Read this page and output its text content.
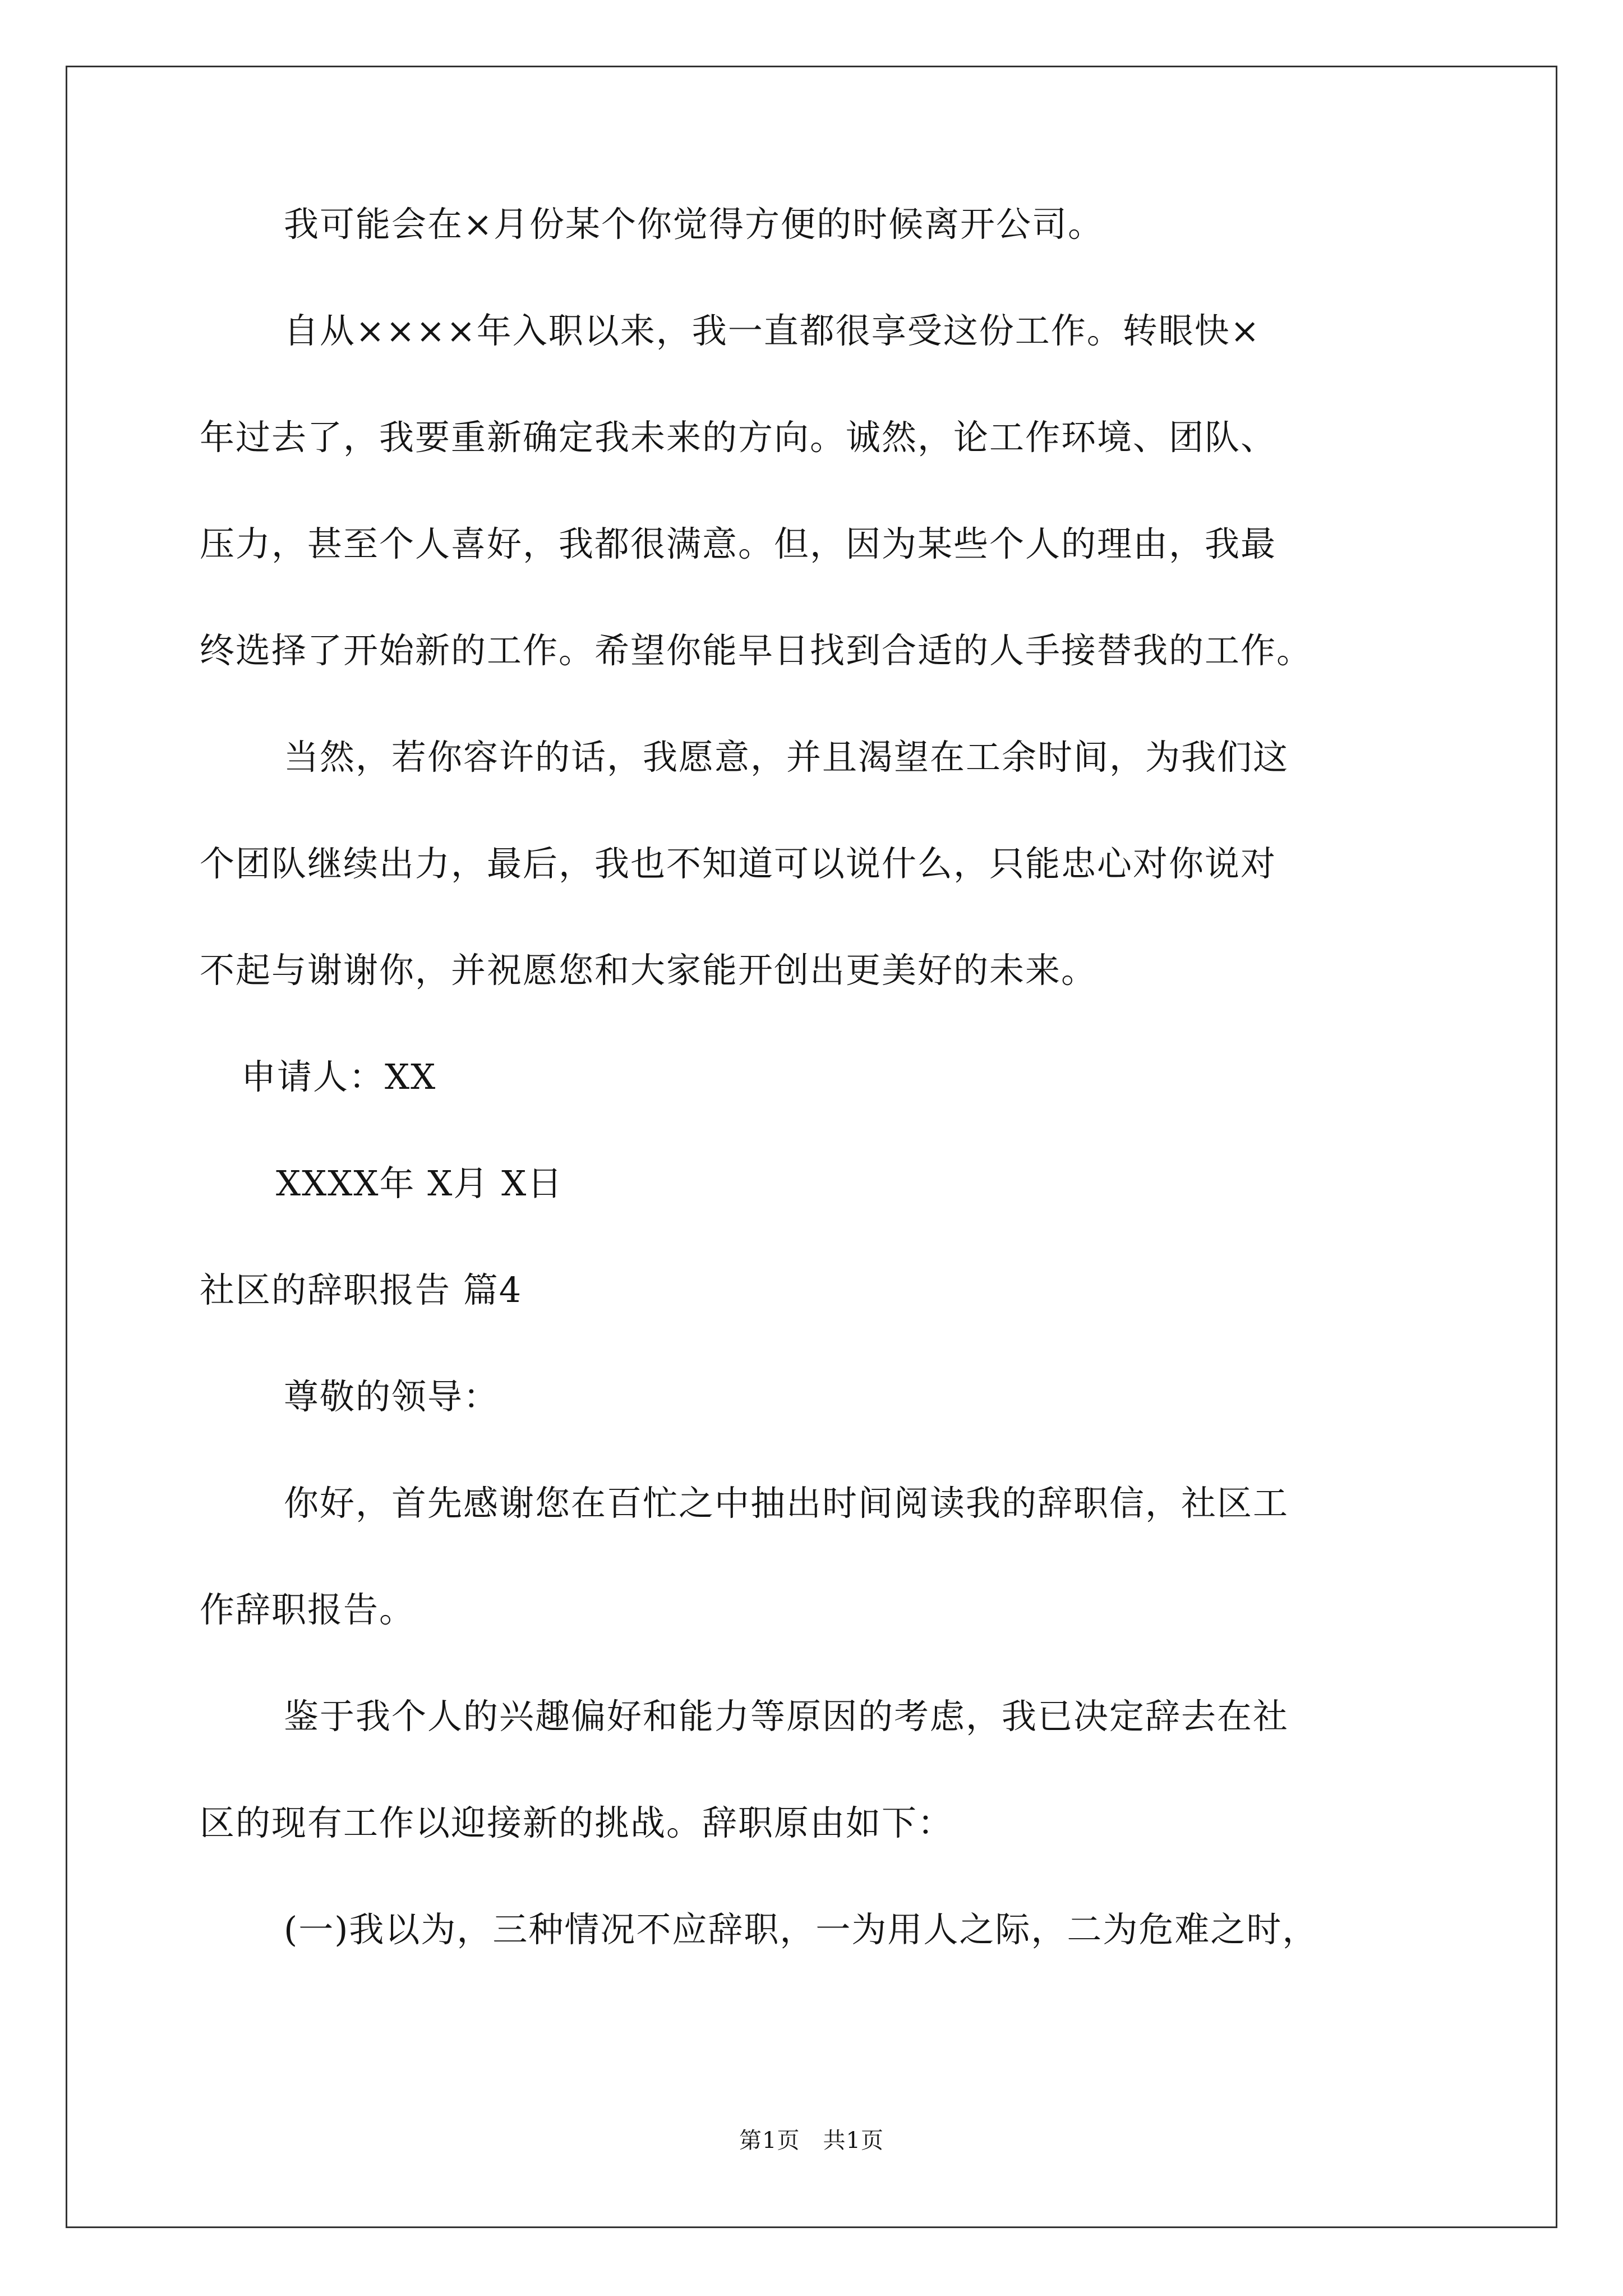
我可能会在×月份某个你觉得方便的时候离开公司。
自从××××年入职以来，我一直都很享受这份工作。转眼快×
年过去了，我要重新确定我未来的方向。诚然，论工作环境、团队、
压力，甚至个人喜好，我都很满意。但，因为某些个人的理由，我最
终选择了开始新的工作。希望你能早日找到合适的人手接替我的工作。
当然，若你容许的话，我愿意，并且渴望在工余时间，为我们这
个团队继续出力，最后，我也不知道可以说什么，只能忠心对你说对
不起与谢谢你，并祝愿您和大家能开创出更美好的未来。
申请人：XX
XXXX年 X月 X日
社区的辞职报告 篇4
尊敬的领导：
你好，首先感谢您在百忙之中抽出时间阅读我的辞职信，社区工
作辞职报告。
鉴于我个人的兴趣偏好和能力等原因的考虑，我已决定辞去在社
区的现有工作以迎接新的挑战。辞职原由如下：
(一)我以为，三种情况不应辞职，一为用人之际，二为危难之时，
第1页　共1页
